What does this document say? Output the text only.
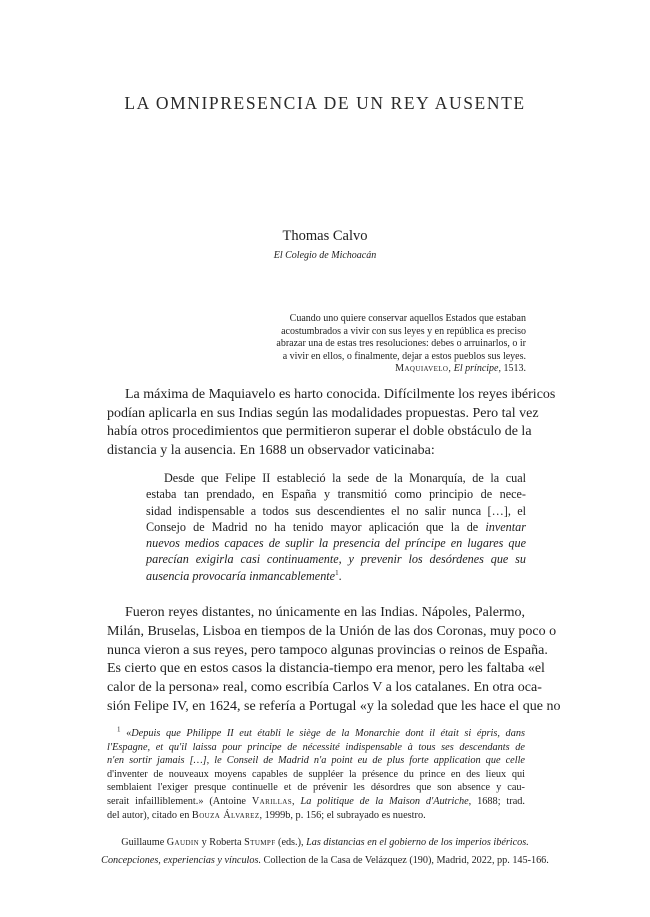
LA OMNIPRESENCIA DE UN REY AUSENTE
Thomas Calvo
El Colegio de Michoacán
Cuando uno quiere conservar aquellos Estados que estaban
acostumbrados a vivir con sus leyes y en república es preciso
abrazar una de estas tres resoluciones: debes o arruinarlos, o ir
a vivir en ellos, o finalmente, dejar a estos pueblos sus leyes.
Maquiavelo, El príncipe, 1513.
La máxima de Maquiavelo es harto conocida. Difícilmente los reyes ibéricos
podían aplicarla en sus Indias según las modalidades propuestas. Pero tal vez
había otros procedimientos que permitieron superar el doble obstáculo de la
distancia y la ausencia. En 1688 un observador vaticinaba:
Desde que Felipe II estableció la sede de la Monarquía, de la cual
estaba tan prendado, en España y transmitió como principio de nece-
sidad indispensable a todos sus descendientes el no salir nunca […], el
Consejo de Madrid no ha tenido mayor aplicación que la de inventar
nuevos medios capaces de suplir la presencia del príncipe en lugares que
parecían exigirla casi continuamente, y prevenir los desórdenes que su
ausencia provocaría inmancablemente$^1$.
Fueron reyes distantes, no únicamente en las Indias. Nápoles, Palermo,
Milán, Bruselas, Lisboa en tiempos de la Unión de las dos Coronas, muy poco o
nunca vieron a sus reyes, pero tampoco algunas provincias o reinos de España.
Es cierto que en estos casos la distancia-tiempo era menor, pero les faltaba «el
calor de la persona» real, como escribía Carlos V a los catalanes. En otra oca-
sión Felipe IV, en 1624, se refería a Portugal «y la soledad que les hace el que no
$^1$ «Depuis que Philippe II eut établi le siège de la Monarchie dont il était si épris, dans
l'Espagne, et qu'il laissa pour principe de nécessité indispensable à tous ses descendants de
n'en sortir jamais […], le Conseil de Madrid n'a point eu de plus forte application que celle
d'inventer de nouveaux moyens capables de suppléer la présence du prince en des lieux qui
semblaient l'exiger presque continuelle et de prévenir les désordres que son absence y cau-
serait infailliblement.» (Antoine Varillas, La politique de la Maison d'Autriche, 1688; trad.
del autor), citado en Bouza Álvarez, 1999b, p. 156; el subrayado es nuestro.
Guillaume Gaudin y Roberta Stumpf (eds.), Las distancias en el gobierno de los imperios ibéricos.
Concepciones, experiencias y vínculos. Collection de la Casa de Velázquez (190), Madrid, 2022, pp. 145-166.
